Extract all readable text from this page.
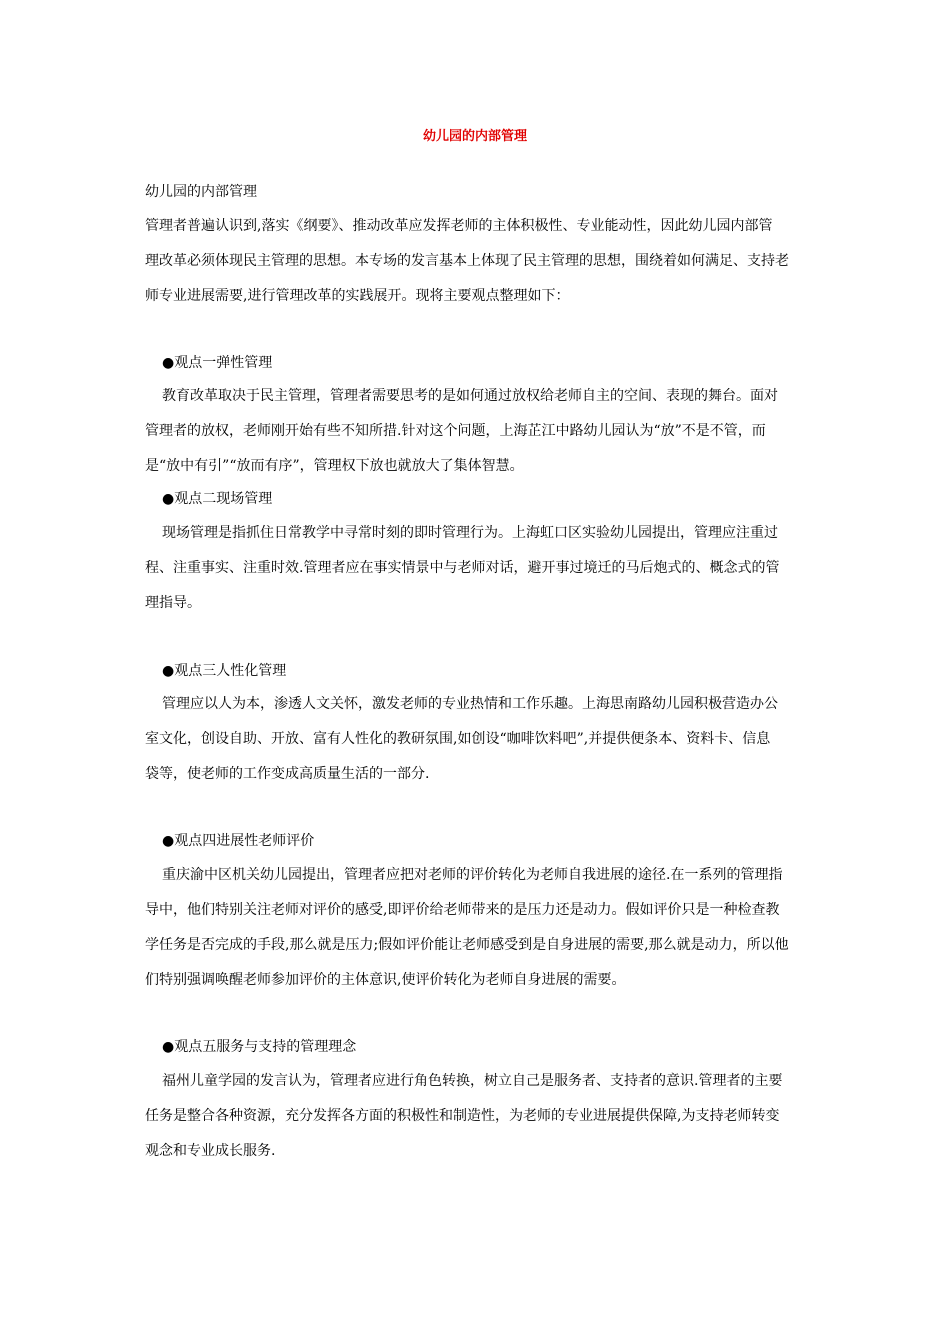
幼儿园的内部管理
幼儿园的内部管理
管理者普遍认识到,落实《纲要》、推动改革应发挥老师的主体积极性、专业能动性，因此幼儿园内部管
理改革必须体现民主管理的思想。本专场的发言基本上体现了民主管理的思想，围绕着如何满足、支持老
师专业进展需要,进行管理改革的实践展开。现将主要观点整理如下：
●观点一弹性管理
教育改革取决于民主管理，管理者需要思考的是如何通过放权给老师自主的空间、表现的舞台。面对
管理者的放权，老师刚开始有些不知所措.针对这个问题，上海芷江中路幼儿园认为“放”不是不管，而
是“放中有引”“放而有序”，管理权下放也就放大了集体智慧。
●观点二现场管理
现场管理是指抓住日常教学中寻常时刻的即时管理行为。上海虹口区实验幼儿园提出，管理应注重过
程、注重事实、注重时效.管理者应在事实情景中与老师对话，避开事过境迁的马后炮式的、概念式的管
理指导。
●观点三人性化管理
管理应以人为本，渗透人文关怀，激发老师的专业热情和工作乐趣。上海思南路幼儿园积极营造办公
室文化，创设自助、开放、富有人性化的教研氛围,如创设“咖啡饮料吧”,并提供便条本、资料卡、信息
袋等，使老师的工作变成高质量生活的一部分.
●观点四进展性老师评价
重庆渝中区机关幼儿园提出，管理者应把对老师的评价转化为老师自我进展的途径.在一系列的管理指
导中，他们特别关注老师对评价的感受,即评价给老师带来的是压力还是动力。假如评价只是一种检查教
学任务是否完成的手段,那么就是压力;假如评价能让老师感受到是自身进展的需要,那么就是动力，所以他
们特别强调唤醒老师参加评价的主体意识,使评价转化为老师自身进展的需要。
●观点五服务与支持的管理理念
福州儿童学园的发言认为，管理者应进行角色转换，树立自己是服务者、支持者的意识.管理者的主要
任务是整合各种资源，充分发挥各方面的积极性和制造性，为老师的专业进展提供保障,为支持老师转变
观念和专业成长服务.
